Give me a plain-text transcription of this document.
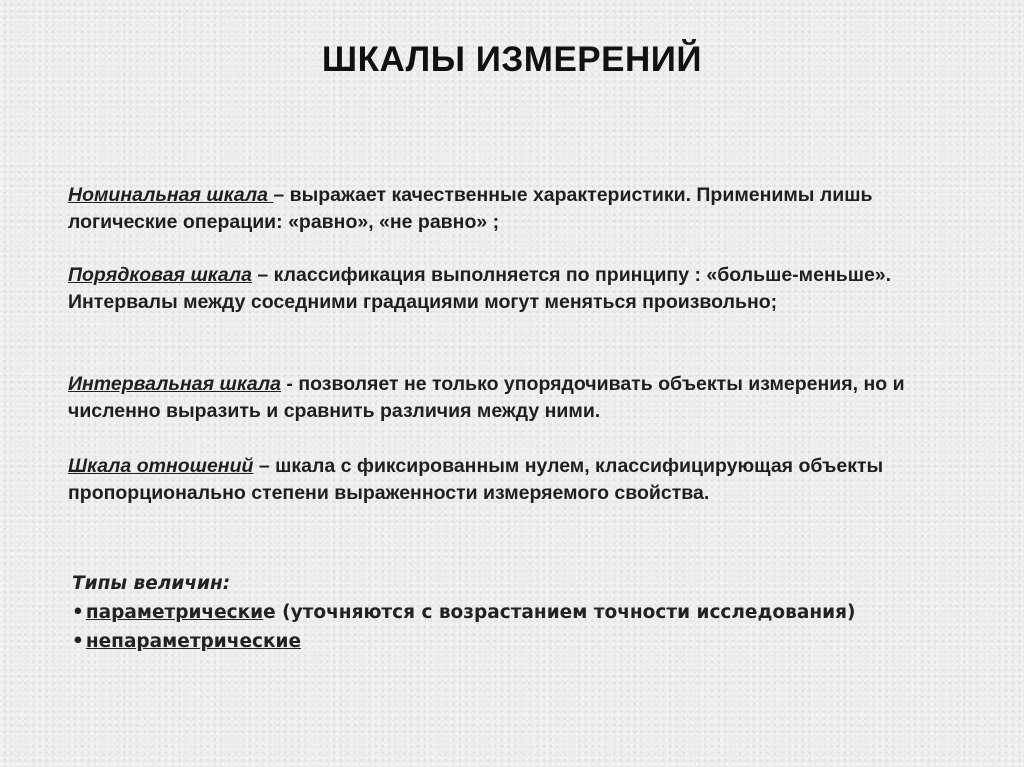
ШКАЛЫ ИЗМЕРЕНИЙ
Номинальная шкала – выражает качественные характеристики. Применимы лишь логические операции: «равно», «не равно» ;
Порядковая шкала – классификация выполняется по принципу : «больше-меньше». Интервалы между соседними градациями могут меняться произвольно;
Интервальная шкала - позволяет не только упорядочивать объекты измерения, но и численно выразить и сравнить различия между ними.
Шкала отношений – шкала с фиксированным нулем, классифицирующая объекты пропорционально степени выраженности измеряемого свойства.
Типы величин:
• параметрические (уточняются с возрастанием точности исследования)
• непараметрические
